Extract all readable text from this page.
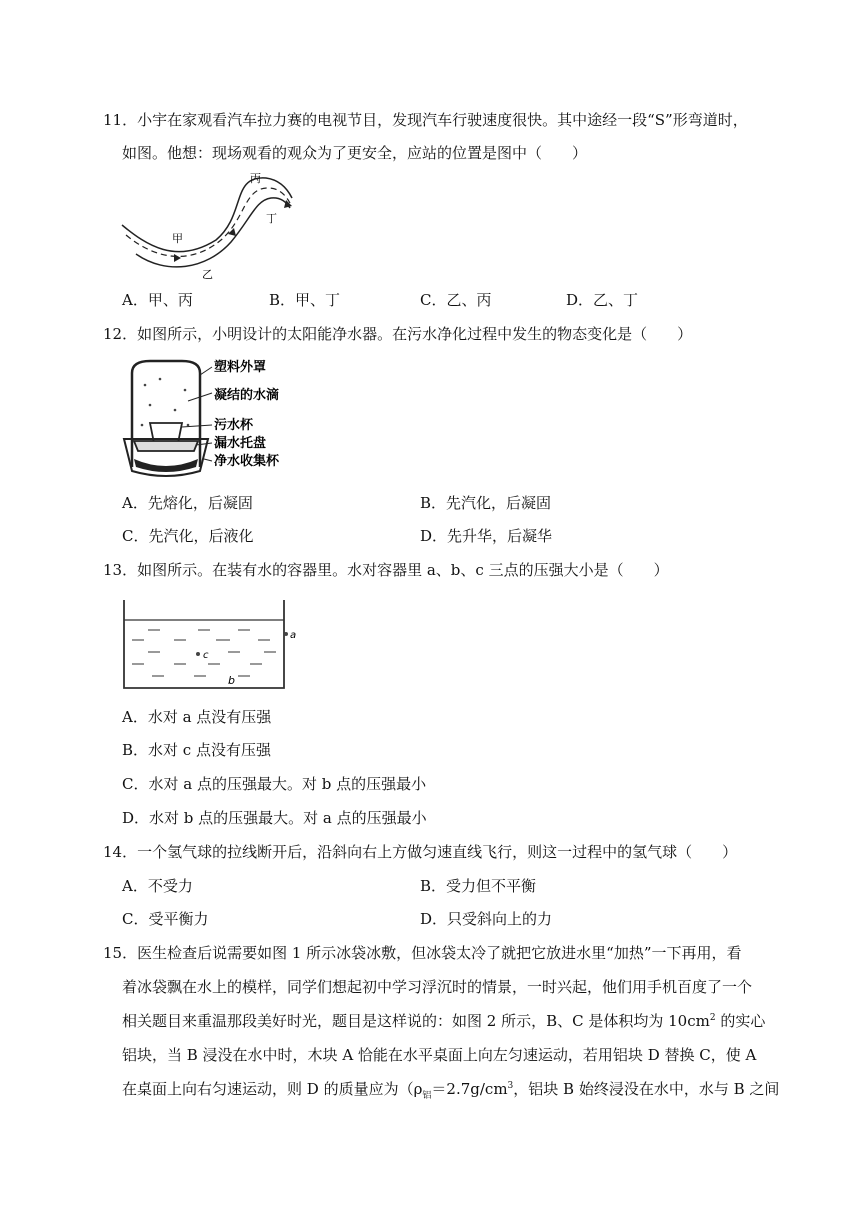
11．小宇在家观看汽车拉力赛的电视节目，发现汽车行驶速度很快。其中途经一段“S”形弯道时，
如图。他想：现场观看的观众为了更安全，应站的位置是图中（　　）
甲
乙
丙
丁
A．甲、丙	B．甲、丁	C．乙、丙	D．乙、丁
12．如图所示，小明设计的太阳能净水器。在污水净化过程中发生的物态变化是（　　）
塑料外罩
凝结的水滴
污水杯
漏水托盘
净水收集杯
A．先熔化，后凝固	B．先汽化，后凝固
C．先汽化，后液化	D．先升华，后凝华
13．如图所示。在装有水的容器里。水对容器里 a、b、c 三点的压强大小是（　　）
a
c
b
A．水对 a 点没有压强
B．水对 c 点没有压强
C．水对 a 点的压强最大。对 b 点的压强最小
D．水对 b 点的压强最大。对 a 点的压强最小
14．一个氢气球的拉线断开后，沿斜向右上方做匀速直线飞行，则这一过程中的氢气球（　　）
A．不受力	B．受力但不平衡
C．受平衡力	D．只受斜向上的力
15．医生检查后说需要如图 1 所示冰袋冰敷，但冰袋太冷了就把它放进水里“加热”一下再用，看
着冰袋飘在水上的模样，同学们想起初中学习浮沉时的情景，一时兴起，他们用手机百度了一个
相关题目来重温那段美好时光，题目是这样说的：如图 2 所示，B、C 是体积均为 $10cm^2$ 的实心
铝块，当 B 浸没在水中时，木块 A 恰能在水平桌面上向左匀速运动，若用铝块 D 替换 C，使 A
在桌面上向右匀速运动，则 D 的质量应为（$\rho_铝=2.7g/cm^3$，铝块 B 始终浸没在水中，水与 B 之间
